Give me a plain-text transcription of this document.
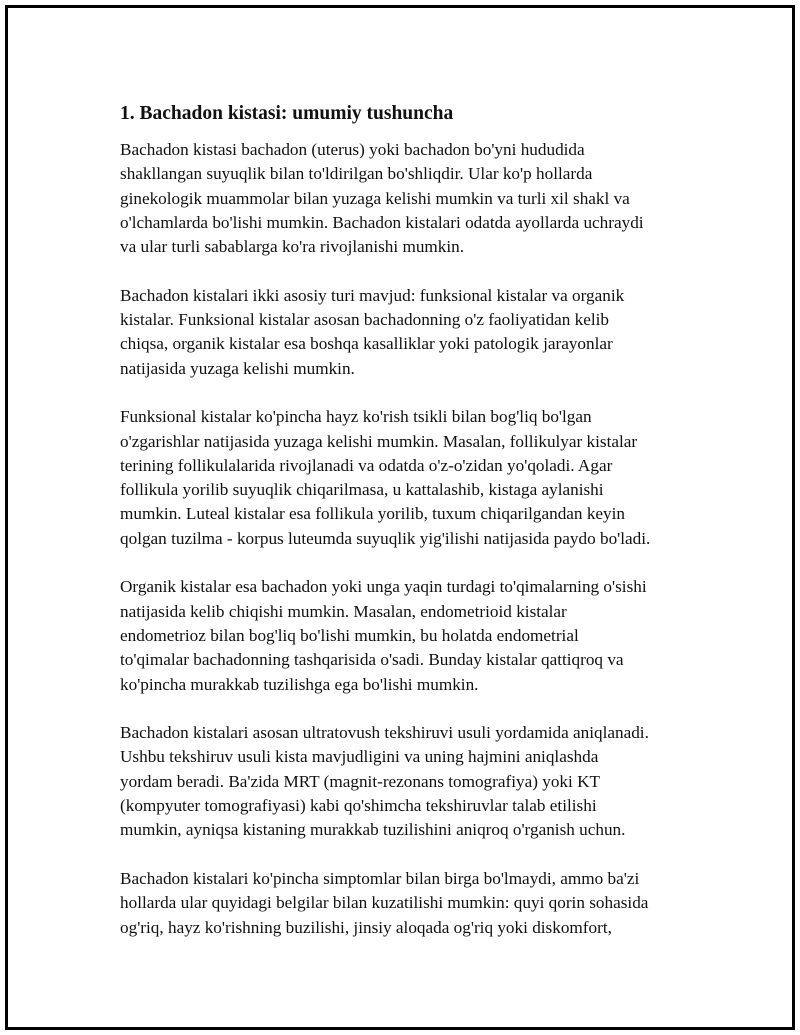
1. Bachadon kistasi: umumiy tushuncha

Bachadon kistasi bachadon (uterus) yoki bachadon bo'yni hududida
shakllangan suyuqlik bilan to'ldirilgan bo'shliqdir. Ular ko'p hollarda
ginekologik muammolar bilan yuzaga kelishi mumkin va turli xil shakl va
o'lchamlarda bo'lishi mumkin. Bachadon kistalari odatda ayollarda uchraydi
va ular turli sabablarga ko'ra rivojlanishi mumkin.

Bachadon kistalari ikki asosiy turi mavjud: funksional kistalar va organik
kistalar. Funksional kistalar asosan bachadonning o'z faoliyatidan kelib
chiqsa, organik kistalar esa boshqa kasalliklar yoki patologik jarayonlar
natijasida yuzaga kelishi mumkin.

Funksional kistalar ko'pincha hayz ko'rish tsikli bilan bog'liq bo'lgan
o'zgarishlar natijasida yuzaga kelishi mumkin. Masalan, follikulyar kistalar
terining follikulalarida rivojlanadi va odatda o'z-o'zidan yo'qoladi. Agar
follikula yorilib suyuqlik chiqarilmasa, u kattalashib, kistaga aylanishi
mumkin. Luteal kistalar esa follikula yorilib, tuxum chiqarilgandan keyin
qolgan tuzilma - korpus luteumda suyuqlik yig'ilishi natijasida paydo bo'ladi.

Organik kistalar esa bachadon yoki unga yaqin turdagi to'qimalarning o'sishi
natijasida kelib chiqishi mumkin. Masalan, endometrioid kistalar
endometrioz bilan bog'liq bo'lishi mumkin, bu holatda endometrial
to'qimalar bachadonning tashqarisida o'sadi. Bunday kistalar qattiqroq va
ko'pincha murakkab tuzilishga ega bo'lishi mumkin.

Bachadon kistalari asosan ultratovush tekshiruvi usuli yordamida aniqlanadi.
Ushbu tekshiruv usuli kista mavjudligini va uning hajmini aniqlashda
yordam beradi. Ba'zida MRT (magnit-rezonans tomografiya) yoki KT
(kompyuter tomografiyasi) kabi qo'shimcha tekshiruvlar talab etilishi
mumkin, ayniqsa kistaning murakkab tuzilishini aniqroq o'rganish uchun.

Bachadon kistalari ko'pincha simptomlar bilan birga bo'lmaydi, ammo ba'zi
hollarda ular quyidagi belgilar bilan kuzatilishi mumkin: quyi qorin sohasida
og'riq, hayz ko'rishning buzilishi, jinsiy aloqada og'riq yoki diskomfort,
